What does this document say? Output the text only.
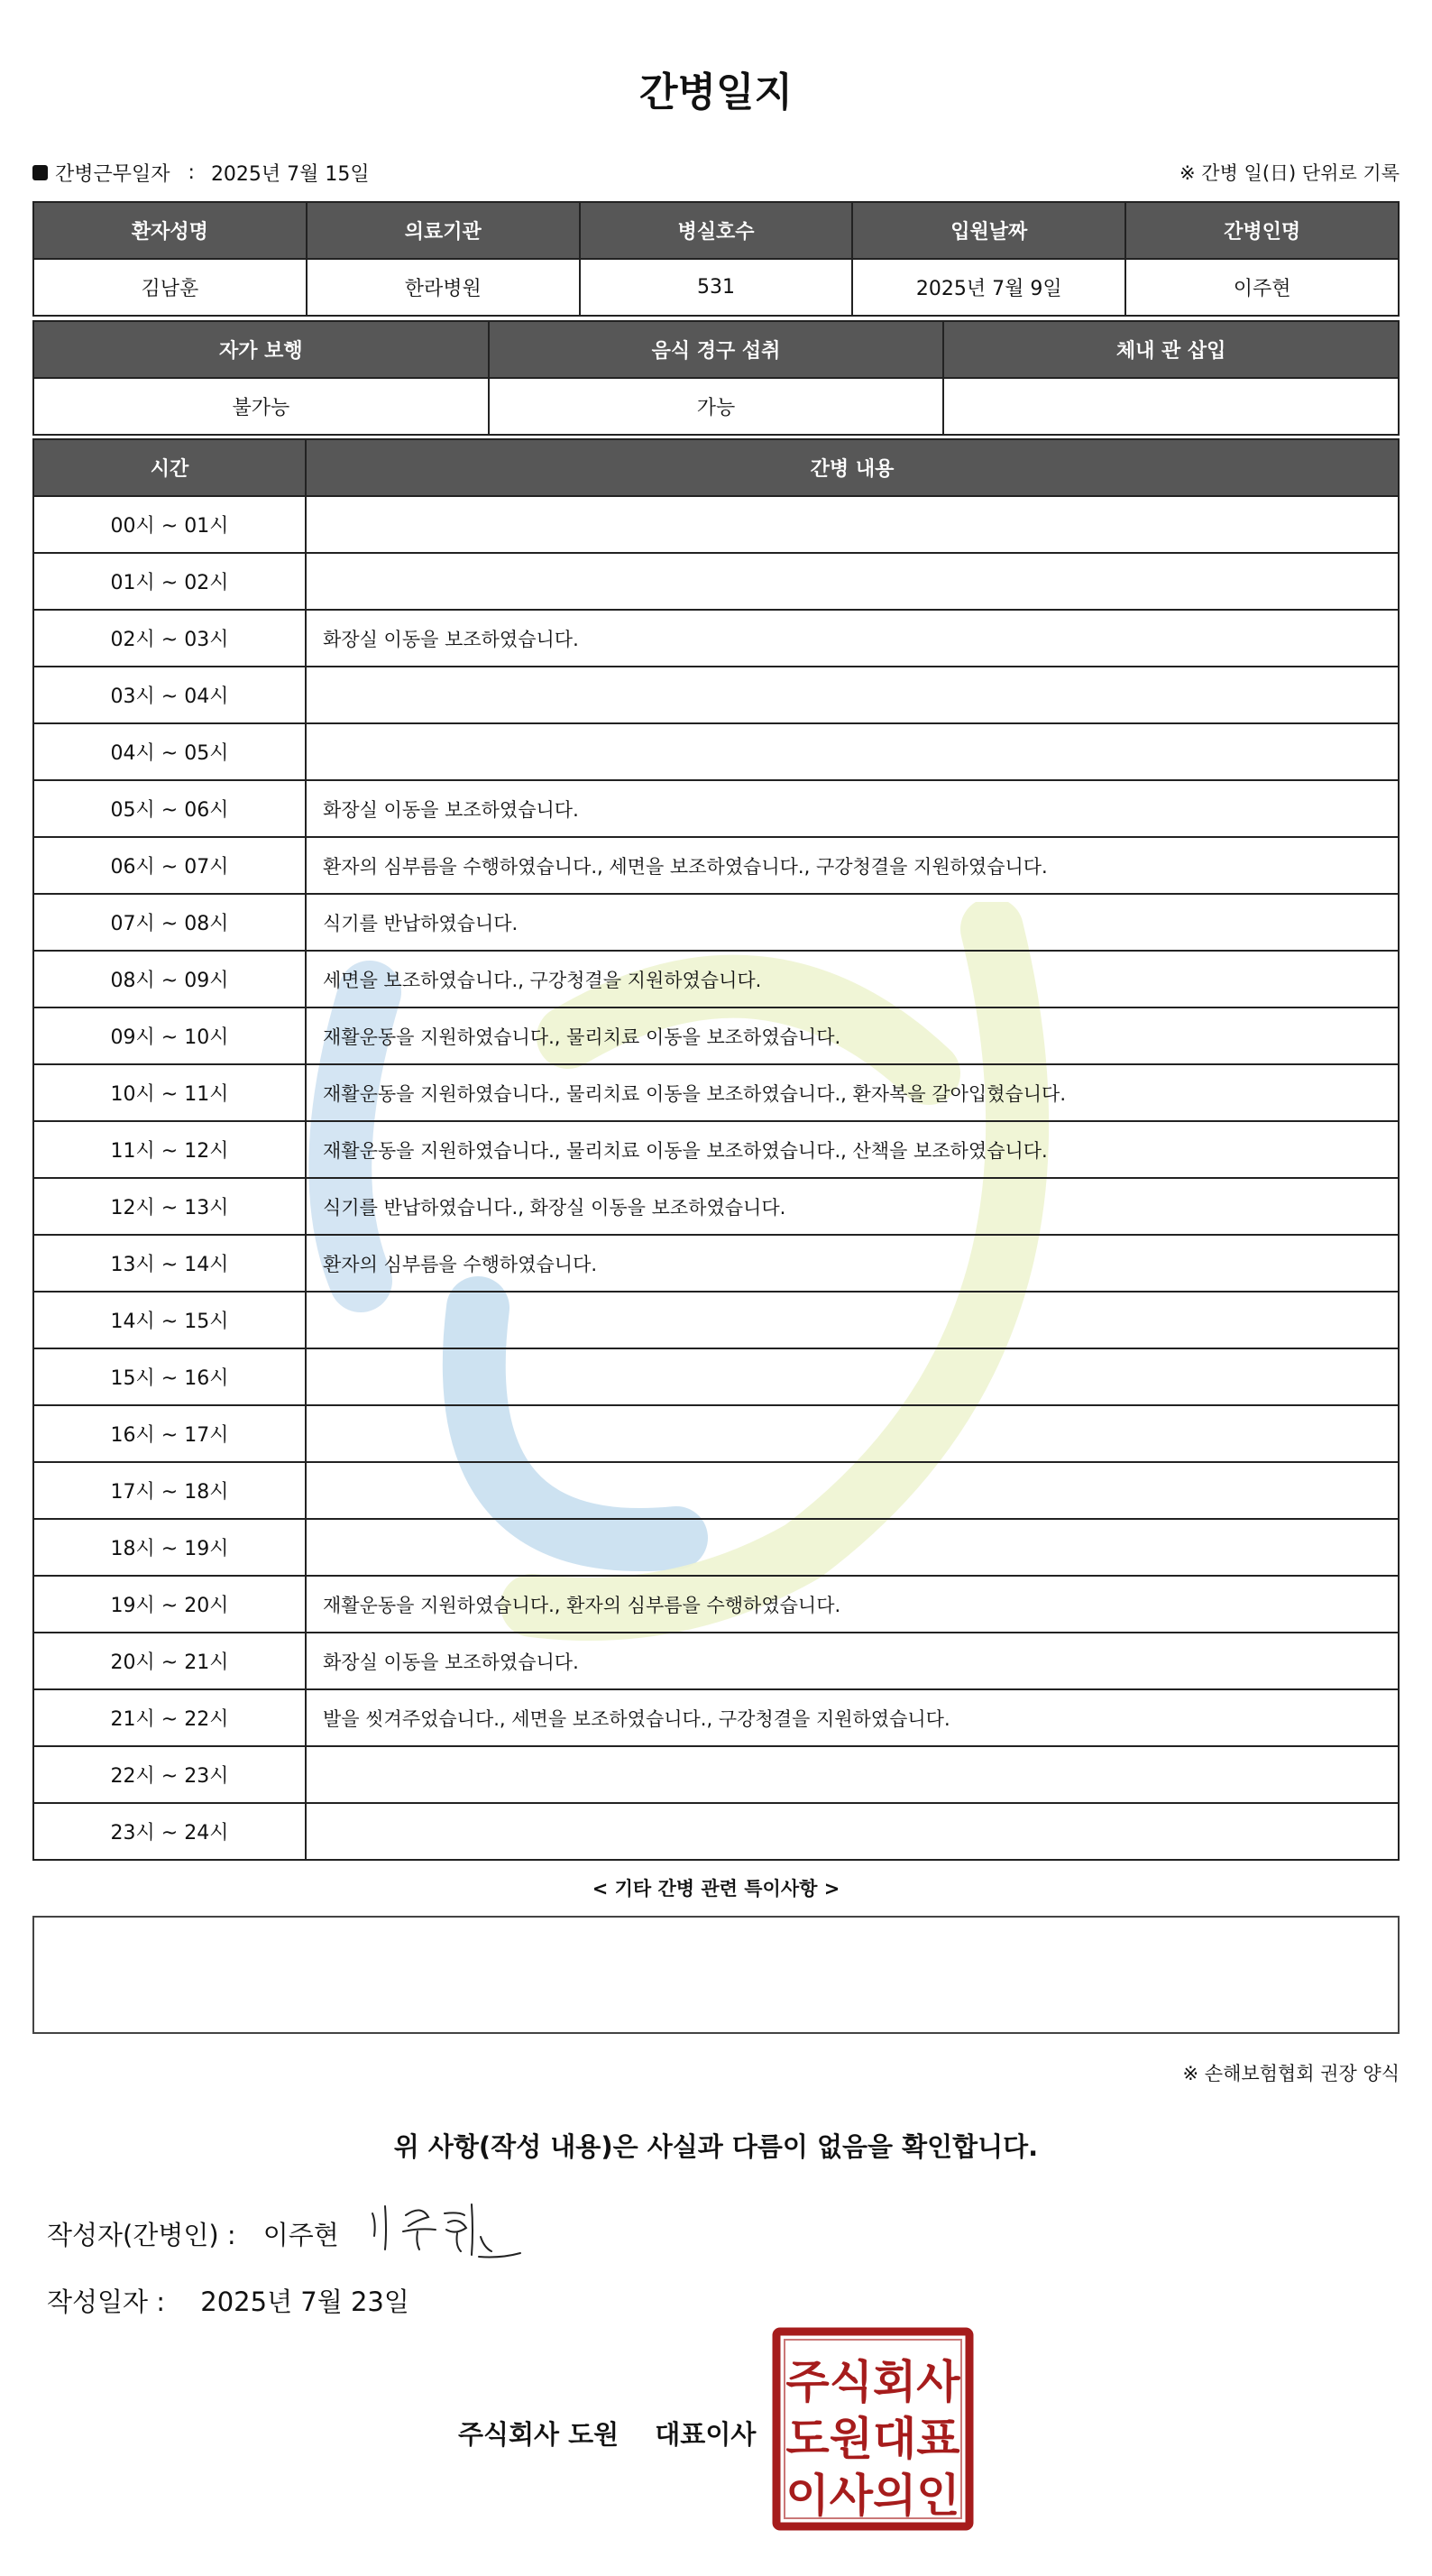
간병일지
간병근무일자 : 2025년 7월 15일	※ 간병 일(日) 단위로 기록
환자성명	의료기관	병실호수	입원날짜	간병인명
김남훈	한라병원	531	2025년 7월 9일	이주현
자가 보행	음식 경구 섭취	체내 관 삽입
불가능	가능	
시간	간병 내용
00시 ~ 01시	
01시 ~ 02시	
02시 ~ 03시	화장실 이동을 보조하였습니다.
03시 ~ 04시	
04시 ~ 05시	
05시 ~ 06시	화장실 이동을 보조하였습니다.
06시 ~ 07시	환자의 심부름을 수행하였습니다., 세면을 보조하였습니다., 구강청결을 지원하였습니다.
07시 ~ 08시	식기를 반납하였습니다.
08시 ~ 09시	세면을 보조하였습니다., 구강청결을 지원하였습니다.
09시 ~ 10시	재활운동을 지원하였습니다., 물리치료 이동을 보조하였습니다.
10시 ~ 11시	재활운동을 지원하였습니다., 물리치료 이동을 보조하였습니다., 환자복을 갈아입혔습니다.
11시 ~ 12시	재활운동을 지원하였습니다., 물리치료 이동을 보조하였습니다., 산책을 보조하였습니다.
12시 ~ 13시	식기를 반납하였습니다., 화장실 이동을 보조하였습니다.
13시 ~ 14시	환자의 심부름을 수행하였습니다.
14시 ~ 15시	
15시 ~ 16시	
16시 ~ 17시	
17시 ~ 18시	
18시 ~ 19시	
19시 ~ 20시	재활운동을 지원하였습니다., 환자의 심부름을 수행하였습니다.
20시 ~ 21시	화장실 이동을 보조하였습니다.
21시 ~ 22시	발을 씻겨주었습니다., 세면을 보조하였습니다., 구강청결을 지원하였습니다.
22시 ~ 23시	
23시 ~ 24시	
< 기타 간병 관련 특이사항 >
※ 손해보험협회 권장 양식
위 사항(작성 내용)은 사실과 다름이 없음을 확인합니다.
작성자(간병인) : 이주현
작성일자 : 2025년 7월 23일
주식회사 도원 대표이사
주식회사
도원대표
이사의인
